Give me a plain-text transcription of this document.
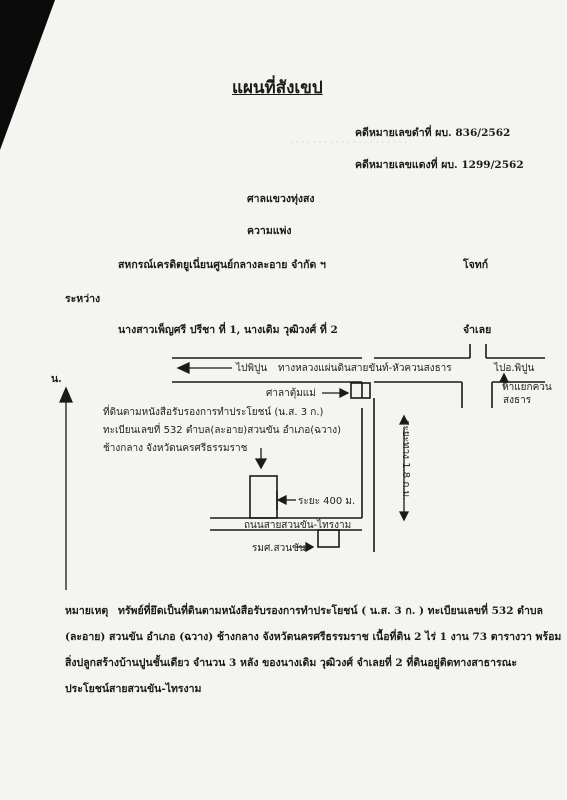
แผนที่สังเขป
คดีหมายเลขดำที่ ผบ. 836/2562
· · · · · · · · · · · · · · · · · · · · ·
คดีหมายเลขแดงที่ ผบ. 1299/2562
ศาลแขวงทุ่งสง
ความแพ่ง
สหกรณ์เครดิตยูเนี่ยนศูนย์กลางละอาย จำกัด ฯ	โจทก์
ระหว่าง
นางสาวเพ็ญศรี ปรีชา ที่ 1, นางเดิม วุฒิวงศ์ ที่ 2	จำเลย
น.
ไปพิปูน ทางหลวงแผ่นดินสายขันท์-หัวควนสงธาร	ไปอ.พิปูน
ห้าแยกควน
สงธาร
ศาลาตุ้มแม่
ที่ดินตามหนังสือรับรองการทำประโยชน์ (น.ส. 3 ก.)
ทะเบียนเลขที่ 532 ตำบล(ละอาย)สวนขัน อำเภอ(ฉวาง)
ช้างกลาง จังหวัดนครศรีธรรมราช	ระยะทาง 1.8 ก.ม.
ระยะ 400 ม.
ถนนสายสวนขัน-ไทรงาม
รมศ.สวนขัน
หมายเหตุ ทรัพย์ที่ยึดเป็นที่ดินตามหนังสือรับรองการทำประโยชน์ ( น.ส. 3 ก. ) ทะเบียนเลขที่ 532 ตำบล
(ละอาย) สวนขัน อำเภอ (ฉวาง) ช้างกลาง จังหวัดนครศรีธรรมราช เนื้อที่ดิน 2 ไร่ 1 งาน 73 ตารางวา พร้อม
สิ่งปลูกสร้างบ้านปูนชั้นเดียว จำนวน 3 หลัง ของนางเดิม วุฒิวงศ์ จำเลยที่ 2 ที่ดินอยู่ติดทางสาธารณะ
ประโยชน์สายสวนขัน-ไทรงาม
